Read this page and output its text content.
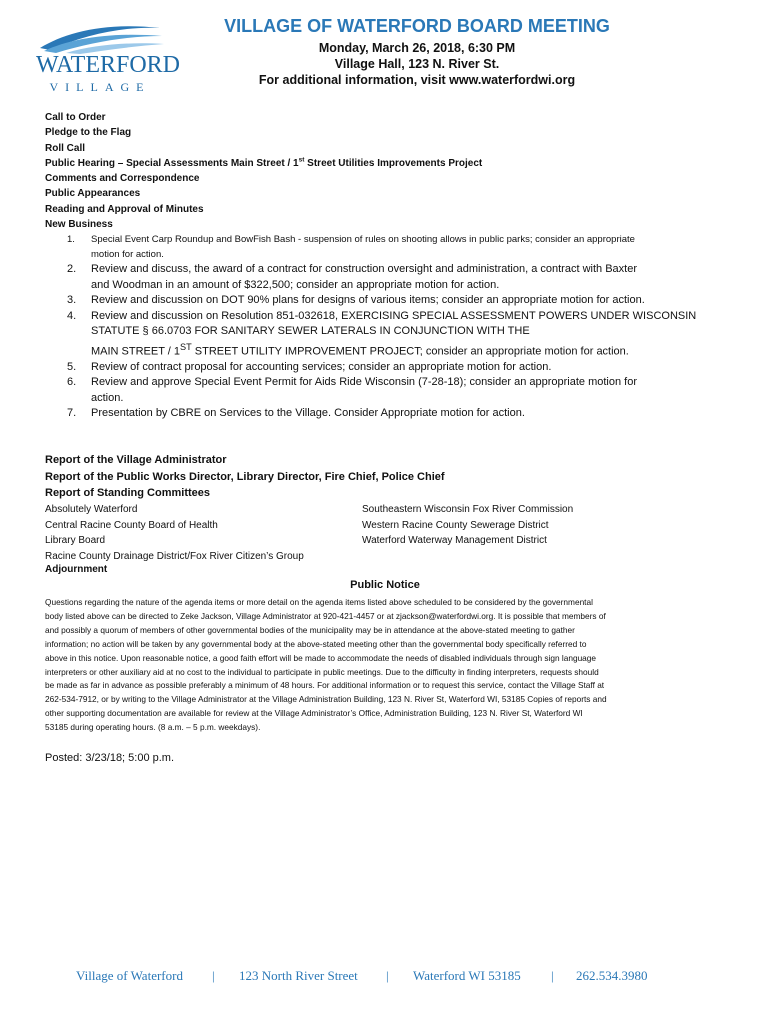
WATERFORD
VILLAGE
VILLAGE OF WATERFORD BOARD MEETING
Monday, March 26, 2018, 6:30 PM
Village Hall, 123 N. River St.
For additional information, visit www.waterfordwi.org
Call to Order
Pledge to the Flag
Roll Call
Public Hearing – Special Assessments Main Street / 1st Street Utilities Improvements Project
Comments and Correspondence
Public Appearances
Reading and Approval of Minutes
New Business
1. Special Event Carp Roundup and BowFish Bash - suspension of rules on shooting allows in public parks; consider an appropriate
motion for action.
2. Review and discuss, the award of a contract for construction oversight and administration, a contract with Baxter
and Woodman in an amount of $322,500; consider an appropriate motion for action.
3. Review and discussion on DOT 90% plans for designs of various items; consider an appropriate motion for action.
4. Review and discussion on Resolution 851-032618, EXERCISING SPECIAL ASSESSMENT POWERS UNDER WISCONSIN
STATUTE § 66.0703 FOR SANITARY SEWER LATERALS IN CONJUNCTION WITH THE
MAIN STREET / 1ST STREET UTILITY IMPROVEMENT PROJECT; consider an appropriate motion for action.
5. Review of contract proposal for accounting services; consider an appropriate motion for action.
6. Review and approve Special Event Permit for Aids Ride Wisconsin (7-28-18); consider an appropriate motion for
action.
7. Presentation by CBRE on Services to the Village. Consider Appropriate motion for action.
Report of the Village Administrator
Report of the Public Works Director, Library Director, Fire Chief, Police Chief
Report of Standing Committees
Absolutely Waterford
Central Racine County Board of Health
Library Board
Racine County Drainage District/Fox River Citizen’s Group
Southeastern Wisconsin Fox River Commission
Western Racine County Sewerage District
Waterford Waterway Management District
Adjournment
Public Notice
Questions regarding the nature of the agenda items or more detail on the agenda items listed above scheduled to be considered by the governmental
body listed above can be directed to Zeke Jackson, Village Administrator at 920-421-4457 or at zjackson@waterfordwi.org. It is possible that members of
and possibly a quorum of members of other governmental bodies of the municipality may be in attendance at the above-stated meeting to gather
information; no action will be taken by any governmental body at the above-stated meeting other than the governmental body specifically referred to
above in this notice. Upon reasonable notice, a good faith effort will be made to accommodate the needs of disabled individuals through sign language
interpreters or other auxiliary aid at no cost to the individual to participate in public meetings. Due to the difficulty in finding interpreters, requests should
be made as far in advance as possible preferably a minimum of 48 hours. For additional information or to request this service, contact the Village Staff at
262-534-7912, or by writing to the Village Administrator at the Village Administration Building, 123 N. River St, Waterford WI, 53185 Copies of reports and
other supporting documentation are available for review at the Village Administrator’s Office, Administration Building, 123 N. River St, Waterford WI
53185 during operating hours. (8 a.m. – 5 p.m. weekdays).
Posted: 3/23/18; 5:00 p.m.
Village of Waterford | 123 North River Street | Waterford WI 53185 | 262.534.3980
